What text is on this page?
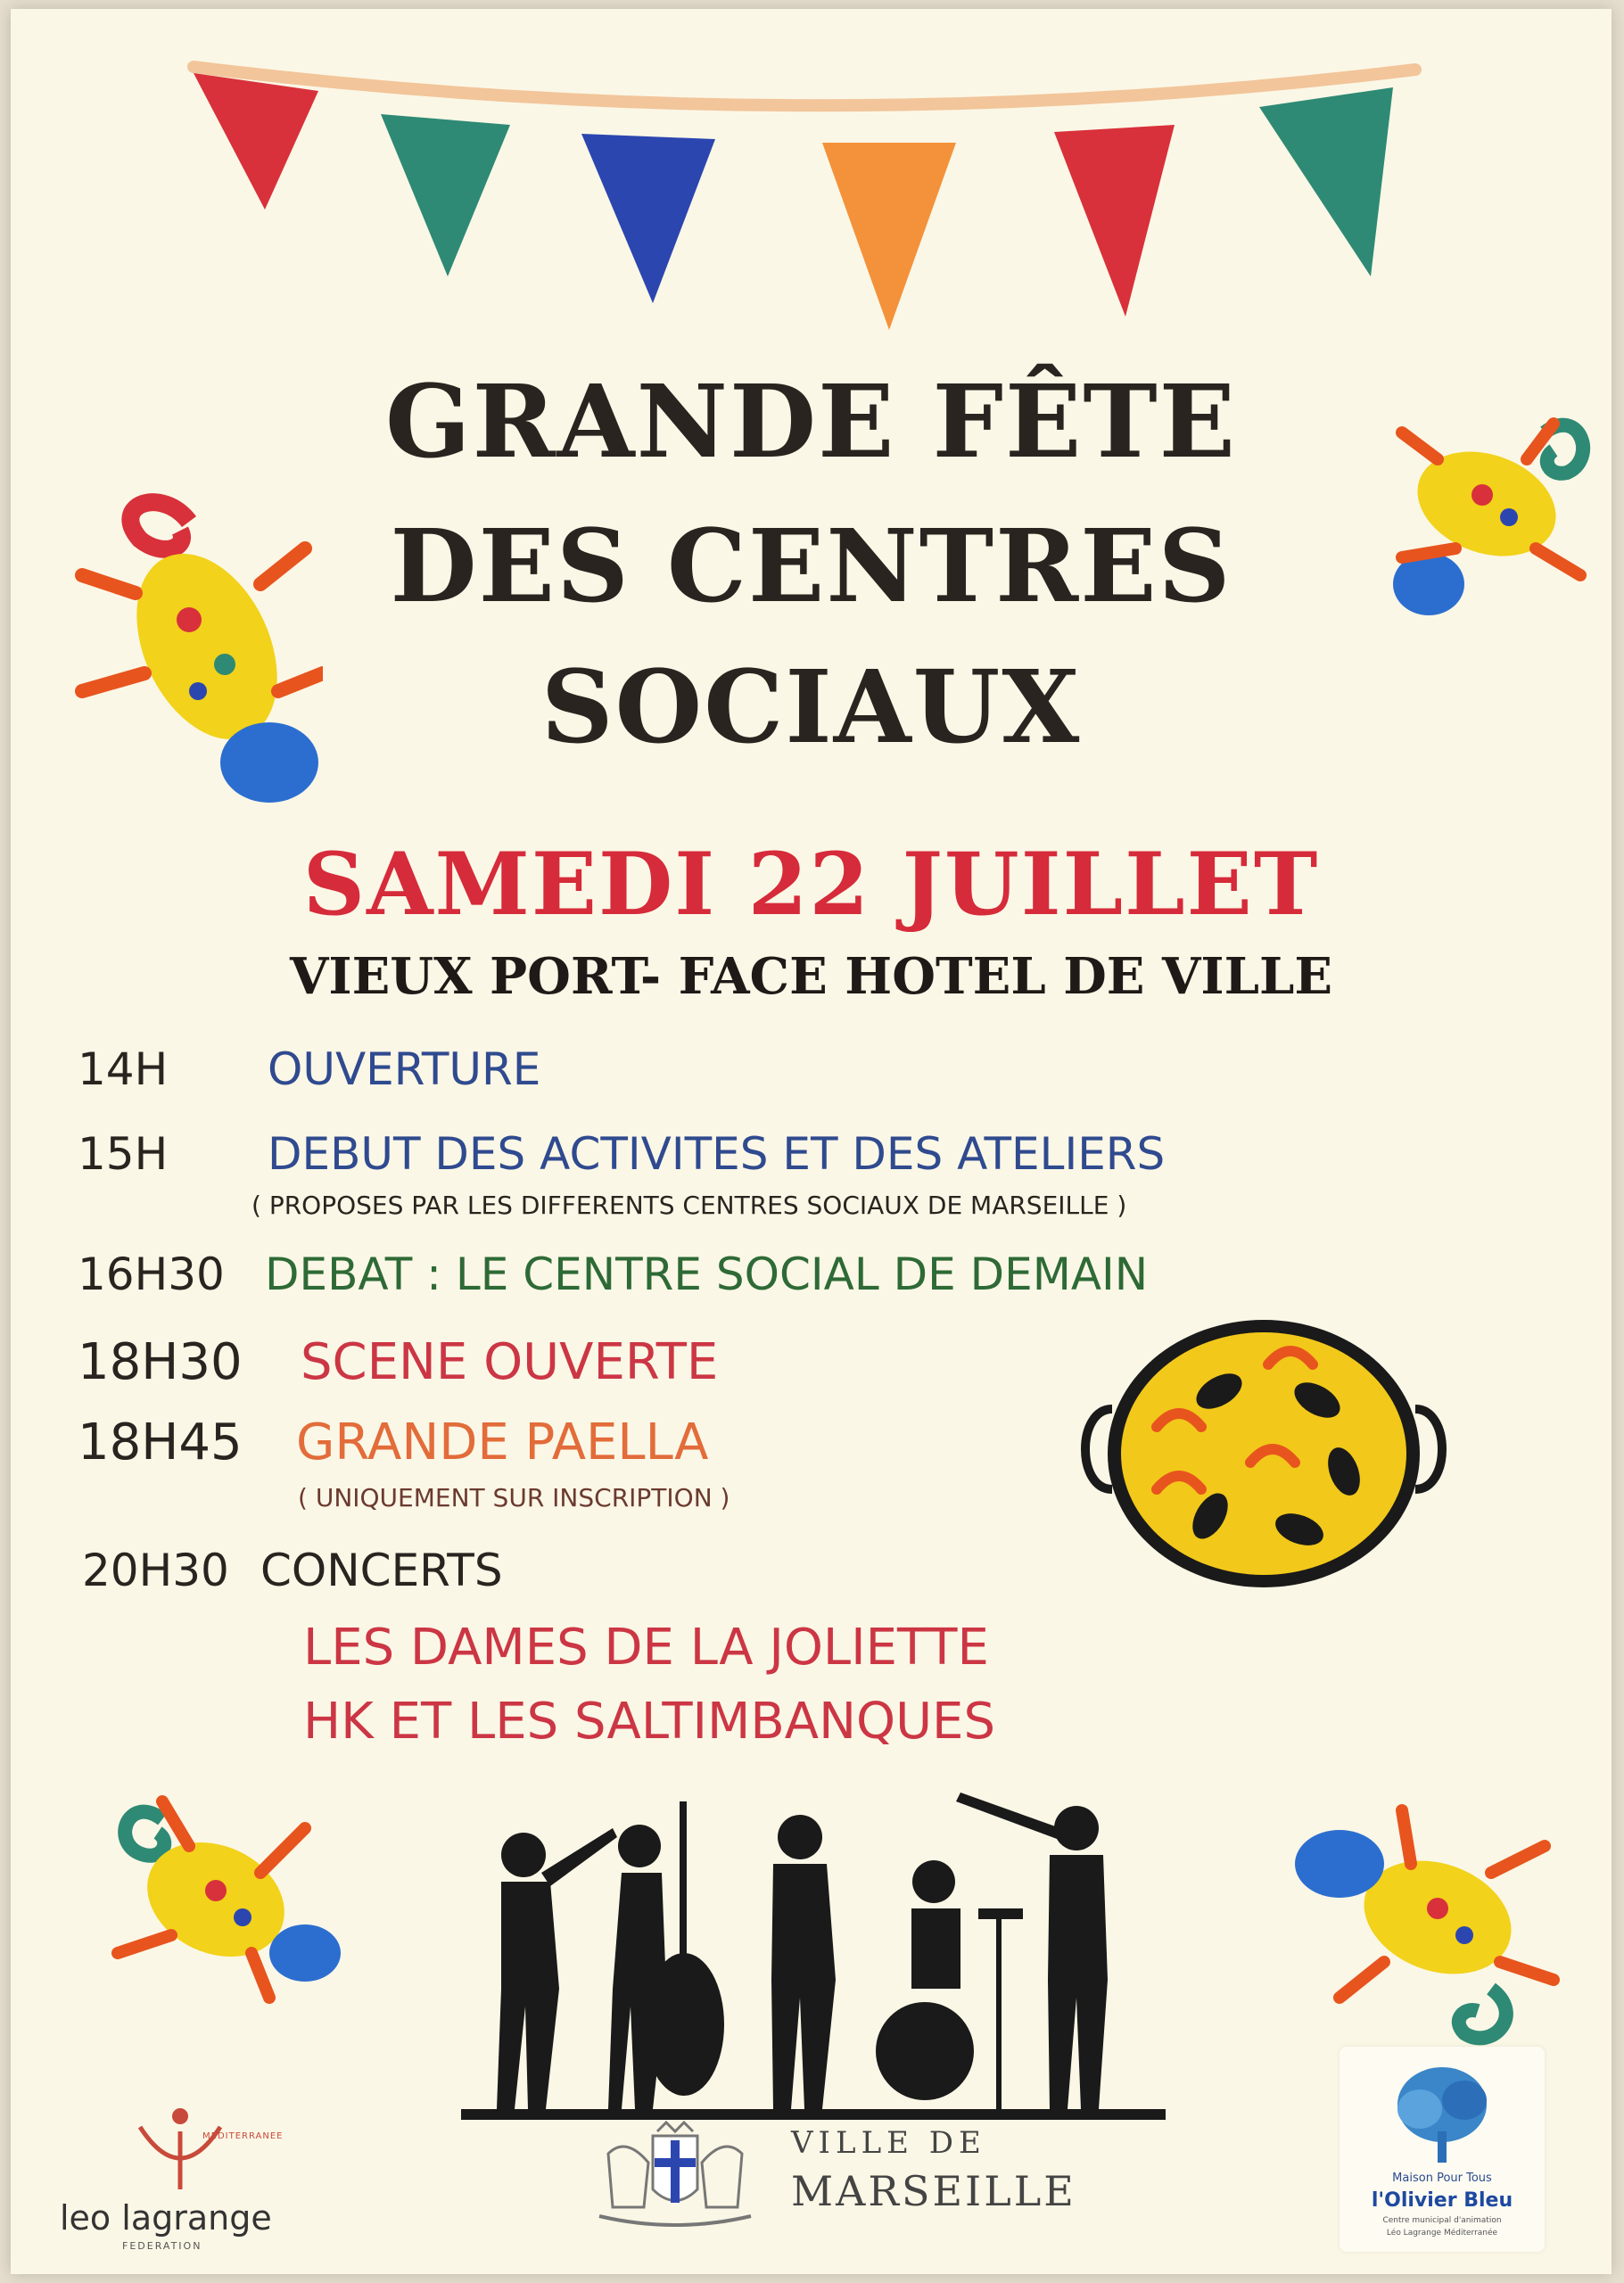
GRANDE FÊTE
DES CENTRES
SOCIAUX
SAMEDI 22 JUILLET
VIEUX PORT- FACE HOTEL DE VILLE
14H OUVERTURE
15H DEBUT DES ACTIVITES ET DES ATELIERS
( PROPOSES PAR LES DIFFERENTS CENTRES SOCIAUX DE MARSEILLE )
16H30 DEBAT : LE CENTRE SOCIAL DE DEMAIN
18H30 SCENE OUVERTE
18H45 GRANDE PAELLA
( UNIQUEMENT SUR INSCRIPTION )
20H30 CONCERTS
LES DAMES DE LA JOLIETTE
HK ET LES SALTIMBANQUES
MEDITERRANEE
leo lagrange
FEDERATION
VILLE DE
MARSEILLE	Maison Pour Tous
l'Olivier Bleu
Centre municipal d'animation
Léo Lagrange Méditerranée
